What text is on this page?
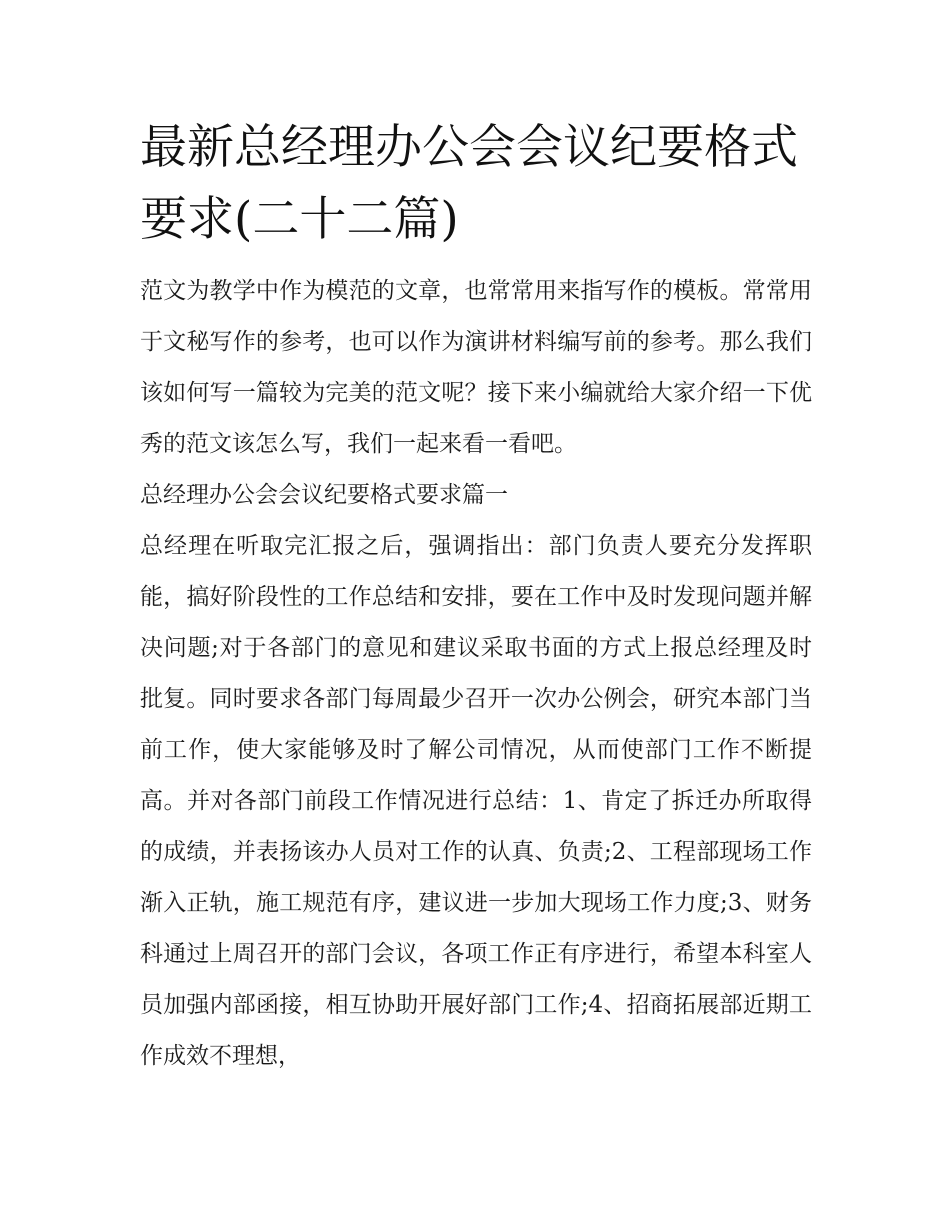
最新总经理办公会会议纪要格式要求(二十二篇)

范文为教学中作为模范的文章，也常常用来指写作的模板。常常用于文秘写作的参考，也可以作为演讲材料编写前的参考。那么我们该如何写一篇较为完美的范文呢？接下来小编就给大家介绍一下优秀的范文该怎么写，我们一起来看一看吧。

总经理办公会会议纪要格式要求篇一

总经理在听取完汇报之后，强调指出：部门负责人要充分发挥职能，搞好阶段性的工作总结和安排，要在工作中及时发现问题并解决问题;对于各部门的意见和建议采取书面的方式上报总经理及时批复。同时要求各部门每周最少召开一次办公例会，研究本部门当前工作，使大家能够及时了解公司情况，从而使部门工作不断提高。并对各部门前段工作情况进行总结：1、肯定了拆迁办所取得的成绩，并表扬该办人员对工作的认真、负责;2、工程部现场工作渐入正轨，施工规范有序，建议进一步加大现场工作力度;3、财务科通过上周召开的部门会议，各项工作正有序进行，希望本科室人员加强内部函接，相互协助开展好部门工作;4、招商拓展部近期工作成效不理想，
